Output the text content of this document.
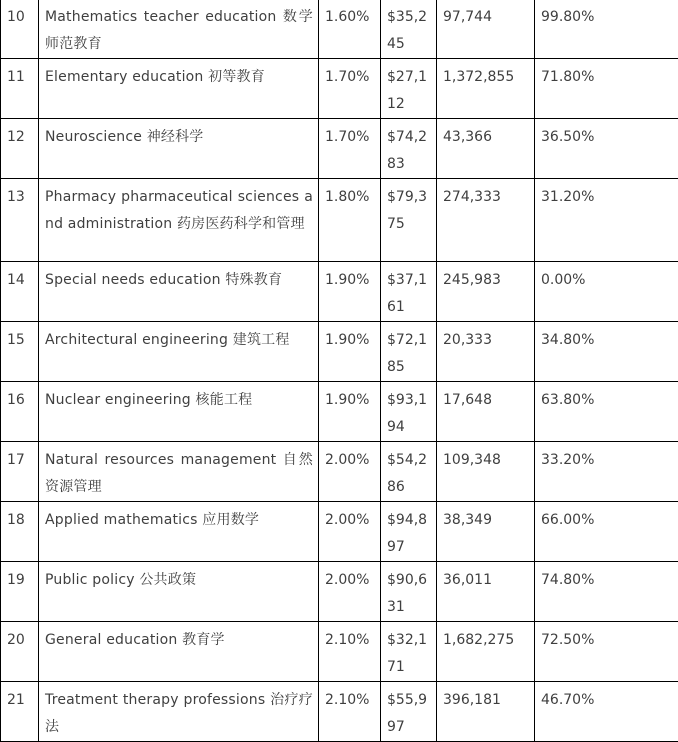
10	Mathematics teacher education 数学师范教育	1.60%	$35,245	97,744	99.80%
11	Elementary education 初等教育	1.70%	$27,112	1,372,855	71.80%
12	Neuroscience 神经科学	1.70%	$74,283	43,366	36.50%
13	Pharmacy pharmaceutical sciences and administration 药房医药科学和管理	1.80%	$79,375	274,333	31.20%
14	Special needs education 特殊教育	1.90%	$37,161	245,983	0.00%
15	Architectural engineering 建筑工程	1.90%	$72,185	20,333	34.80%
16	Nuclear engineering 核能工程	1.90%	$93,194	17,648	63.80%
17	Natural resources management 自然资源管理	2.00%	$54,286	109,348	33.20%
18	Applied mathematics 应用数学	2.00%	$94,897	38,349	66.00%
19	Public policy 公共政策	2.00%	$90,631	36,011	74.80%
20	General education 教育学	2.10%	$32,171	1,682,275	72.50%
21	Treatment therapy professions 治疗疗法	2.10%	$55,997	396,181	46.70%
